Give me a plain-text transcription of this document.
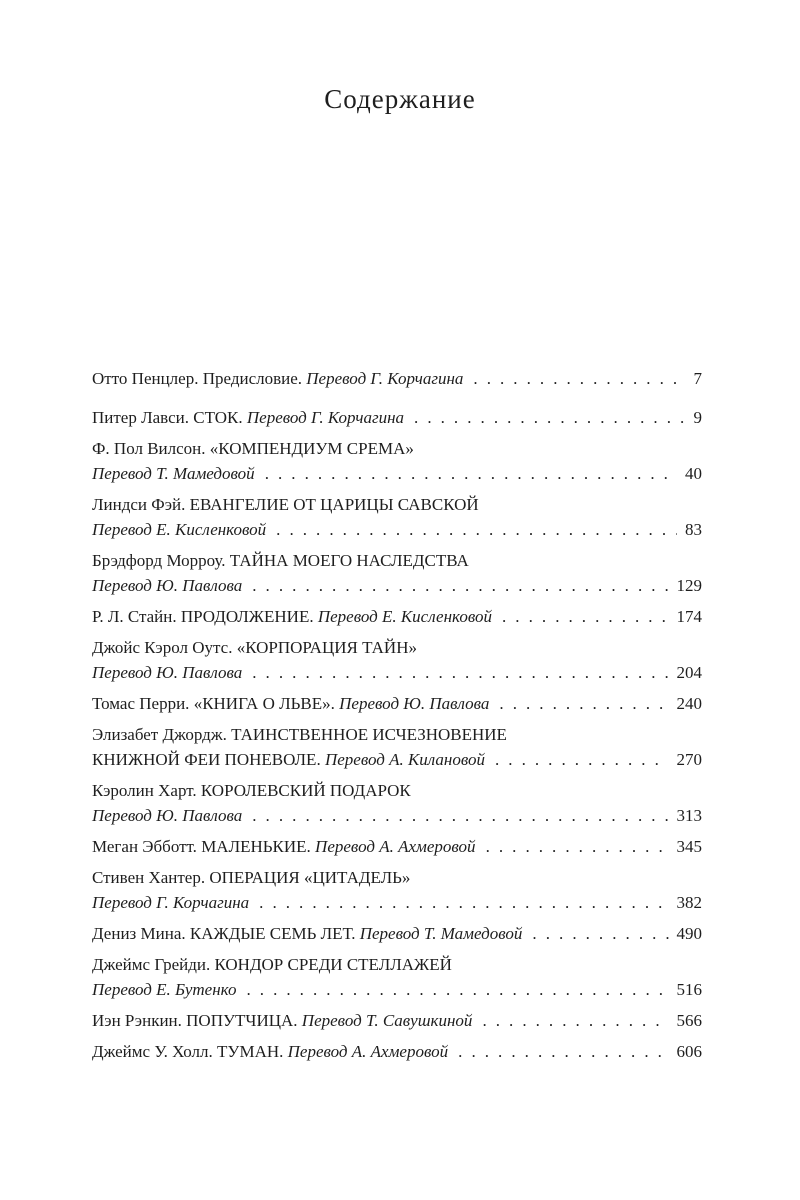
Содержание
Отто Пенцлер. Предисловие. Перевод Г. Корчагина . . .	7
Питер Лавси. СТОК. Перевод Г. Корчагина . . .	9
Ф. Пол Вилсон. «КОМПЕНДИУМ СРЕМА»
Перевод Т. Мамедовой . . .	40
Линдси Фэй. ЕВАНГЕЛИЕ ОТ ЦАРИЦЫ САВСКОЙ
Перевод Е. Кисленковой . . .	83
Брэдфорд Морроу. ТАЙНА МОЕГО НАСЛЕДСТВА
Перевод Ю. Павлова . . .	129
Р. Л. Стайн. ПРОДОЛЖЕНИЕ. Перевод Е. Кисленковой . . .	174
Джойс Кэрол Оутс. «КОРПОРАЦИЯ ТАЙН»
Перевод Ю. Павлова . . .	204
Томас Перри. «КНИГА О ЛЬВЕ». Перевод Ю. Павлова . . .	240
Элизабет Джордж. ТАИНСТВЕННОЕ ИСЧЕЗНОВЕНИЕ
КНИЖНОЙ ФЕИ ПОНЕВОЛЕ. Перевод А. Килановой . . .	270
Кэролин Харт. КОРОЛЕВСКИЙ ПОДАРОК
Перевод Ю. Павлова . . .	313
Меган Эбботт. МАЛЕНЬКИЕ. Перевод А. Ахмеровой . . .	345
Стивен Хантер. ОПЕРАЦИЯ «ЦИТАДЕЛЬ»
Перевод Г. Корчагина . . .	382
Дениз Мина. КАЖДЫЕ СЕМЬ ЛЕТ. Перевод Т. Мамедовой . . .	490
Джеймс Грейди. КОНДОР СРЕДИ СТЕЛЛАЖЕЙ
Перевод Е. Бутенко . . .	516
Иэн Рэнкин. ПОПУТЧИЦА. Перевод Т. Савушкиной . . .	566
Джеймс У. Холл. ТУМАН. Перевод А. Ахмеровой . . .	606
